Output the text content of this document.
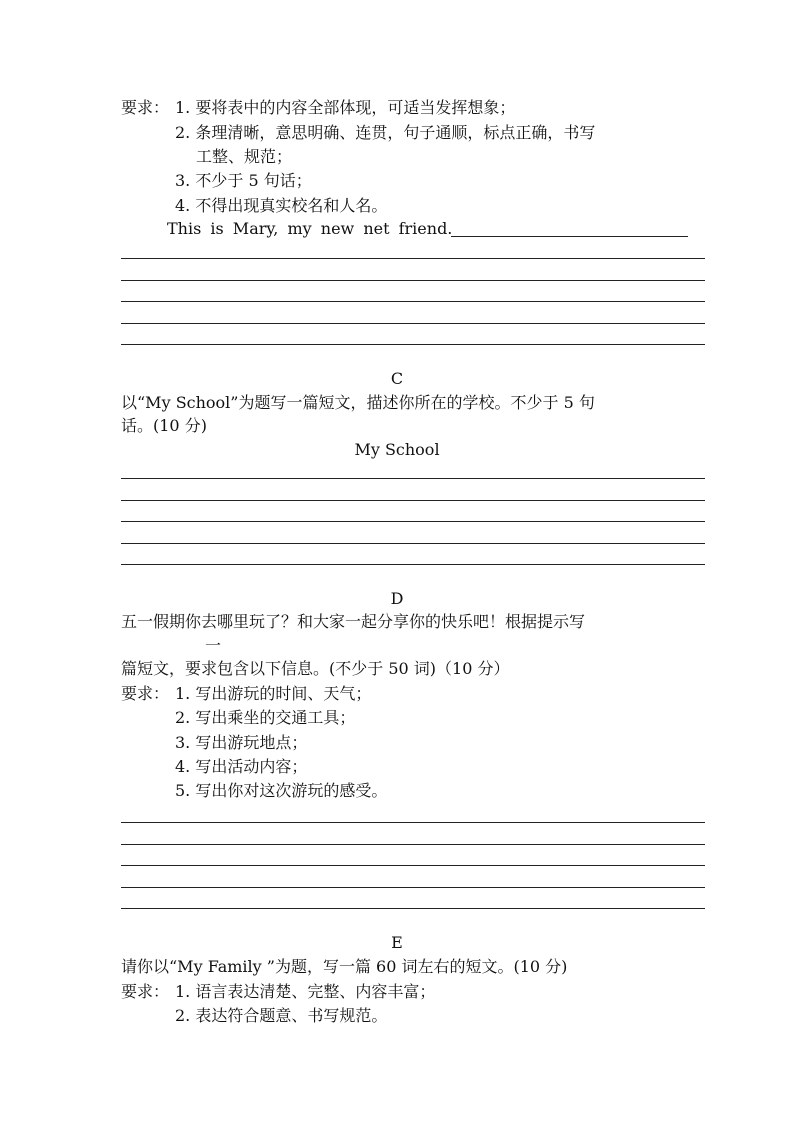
要求： 1. 要将表中的内容全部体现，可适当发挥想象；
2. 条理清晰，意思明确、连贯，句子通顺，标点正确，书写
工整、规范；
3. 不少于 5 句话；
4. 不得出现真实校名和人名。
This is Mary, my new net friend.
C
以“My School”为题写一篇短文，描述你所在的学校。不少于 5 句
话。(10 分)
My School
D
五一假期你去哪里玩了？和大家一起分享你的快乐吧！根据提示写
一
篇短文，要求包含以下信息。(不少于 50 词)（10 分）
要求： 1. 写出游玩的时间、天气；
2. 写出乘坐的交通工具；
3. 写出游玩地点；
4. 写出活动内容；
5. 写出你对这次游玩的感受。
E
请你以“My Family ”为题，写一篇 60 词左右的短文。(10 分)
要求： 1. 语言表达清楚、完整、内容丰富；
2. 表达符合题意、书写规范。
